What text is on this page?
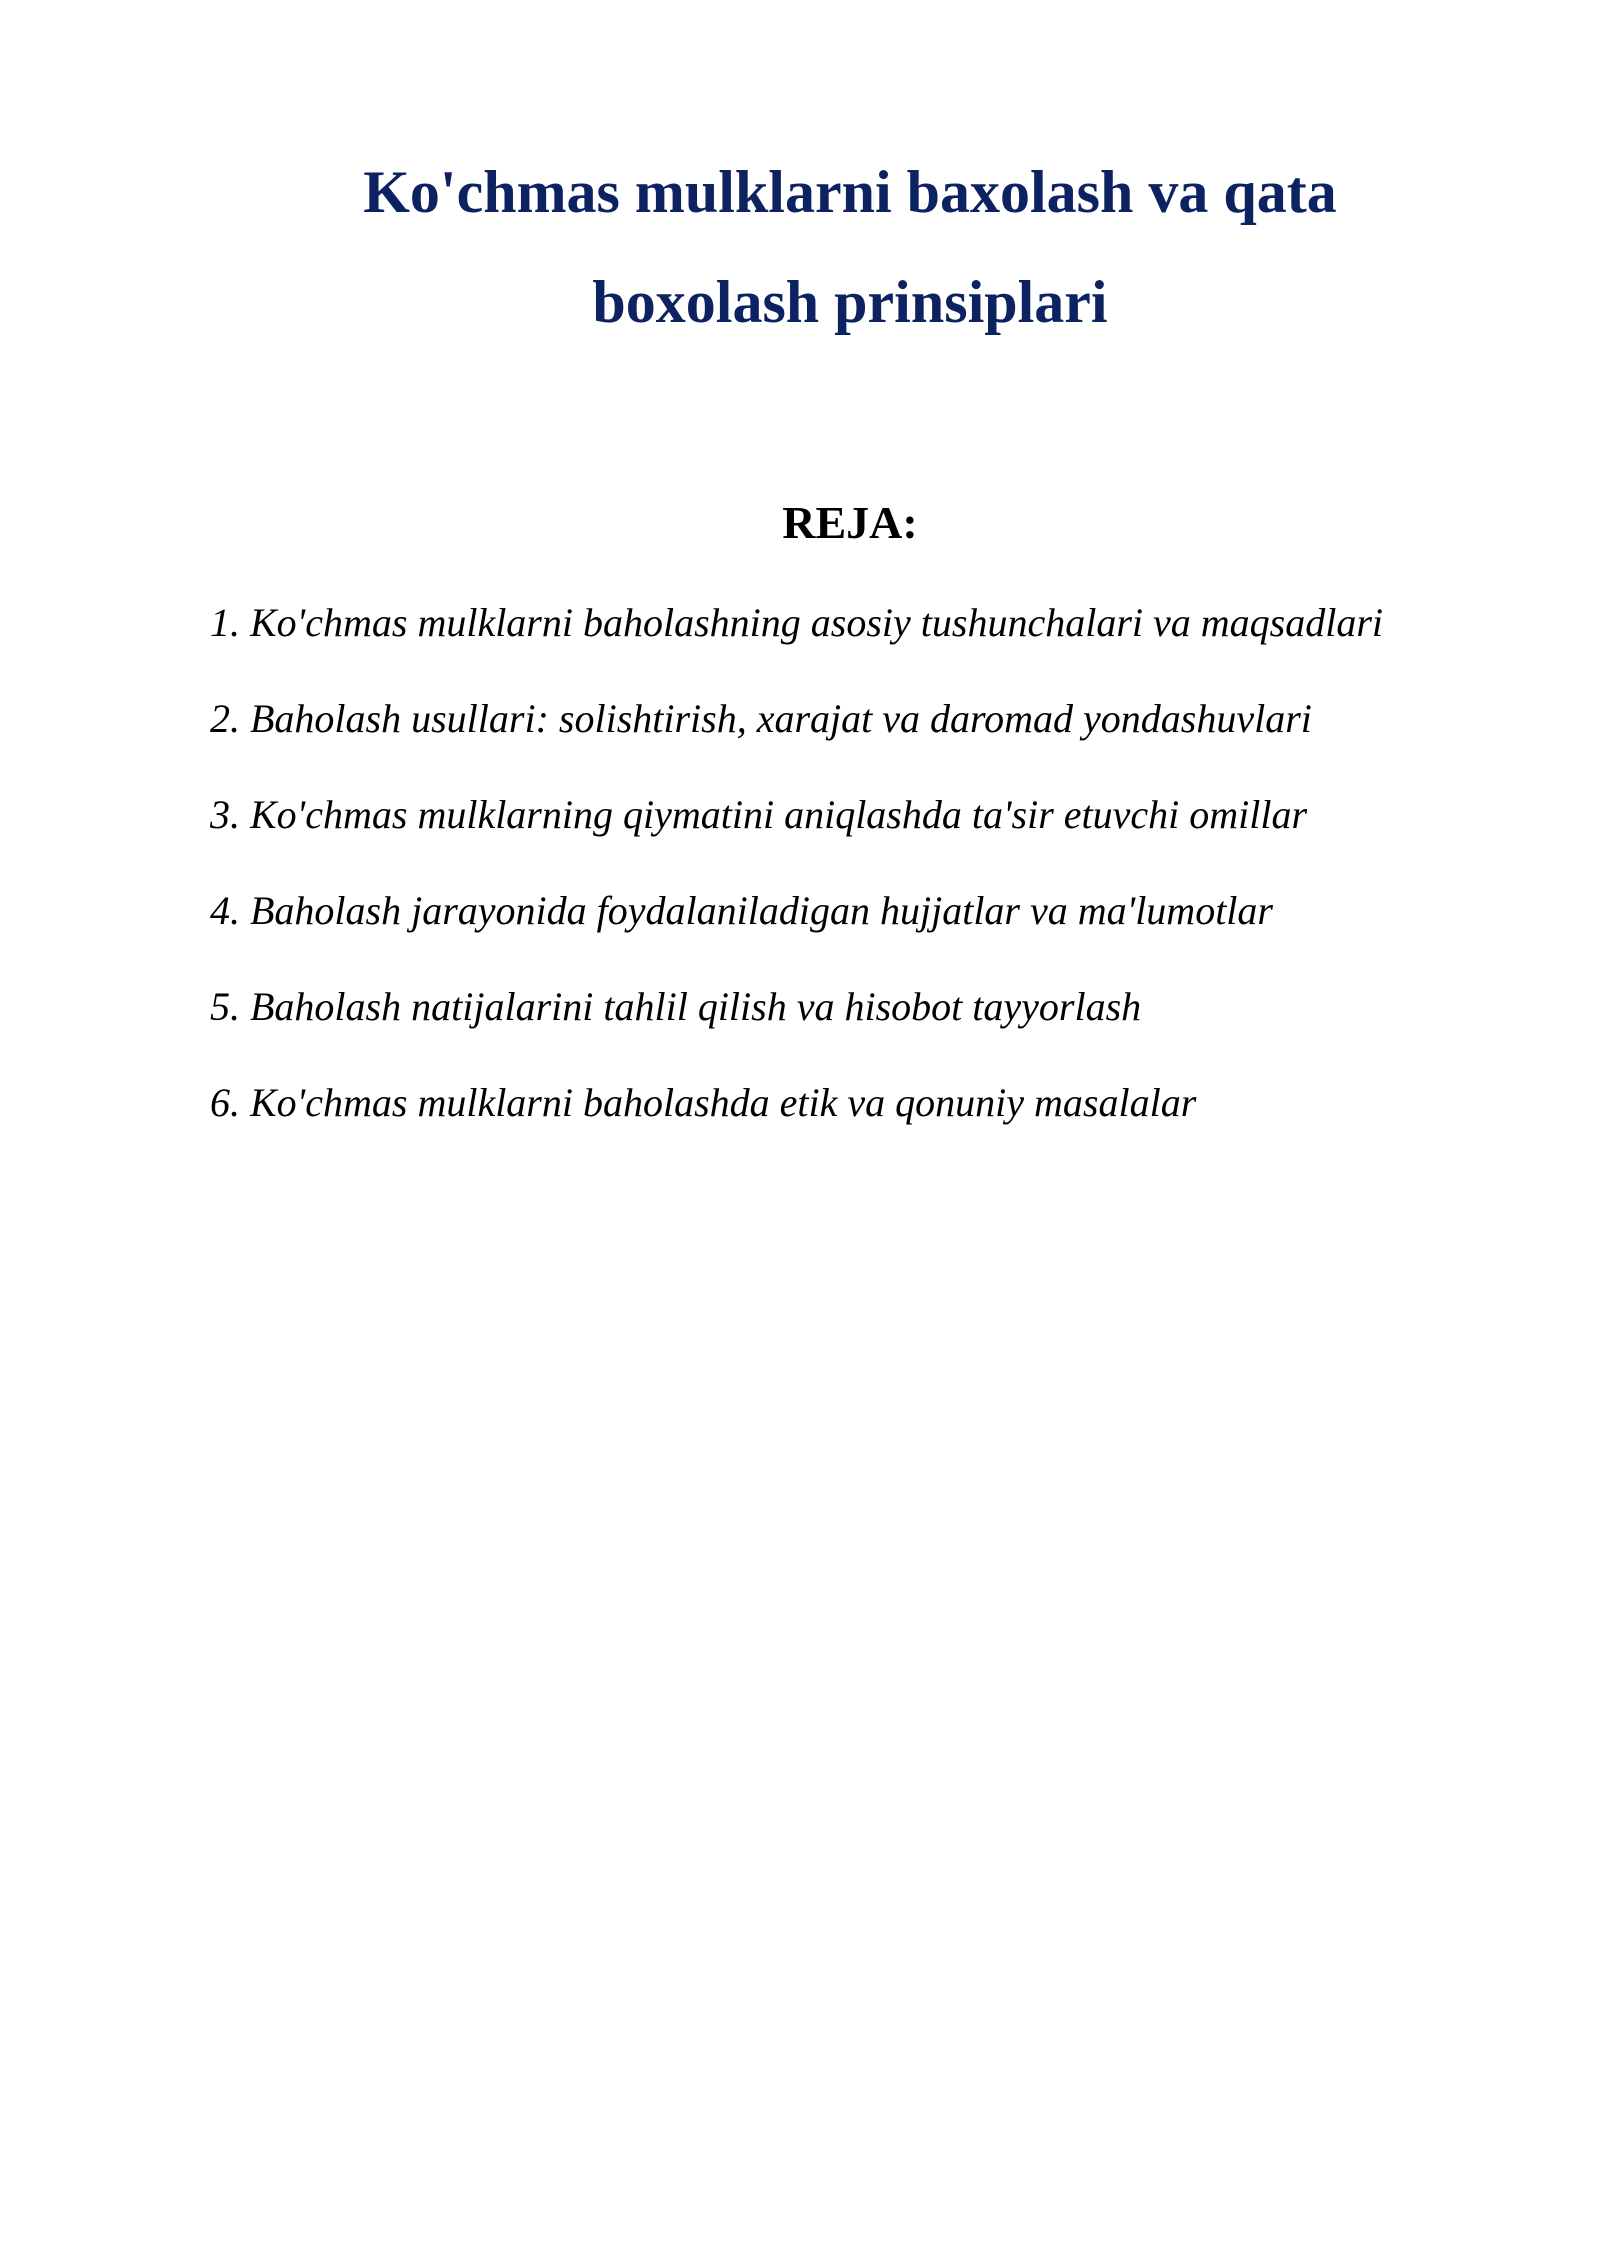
Ko'chmas mulklarni baxolash va qata
boxolash prinsiplari
REJA:
1. Ko'chmas mulklarni baholashning asosiy tushunchalari va maqsadlari
2. Baholash usullari: solishtirish, xarajat va daromad yondashuvlari
3. Ko'chmas mulklarning qiymatini aniqlashda ta'sir etuvchi omillar
4. Baholash jarayonida foydalaniladigan hujjatlar va ma'lumotlar
5. Baholash natijalarini tahlil qilish va hisobot tayyorlash
6. Ko'chmas mulklarni baholashda etik va qonuniy masalalar
